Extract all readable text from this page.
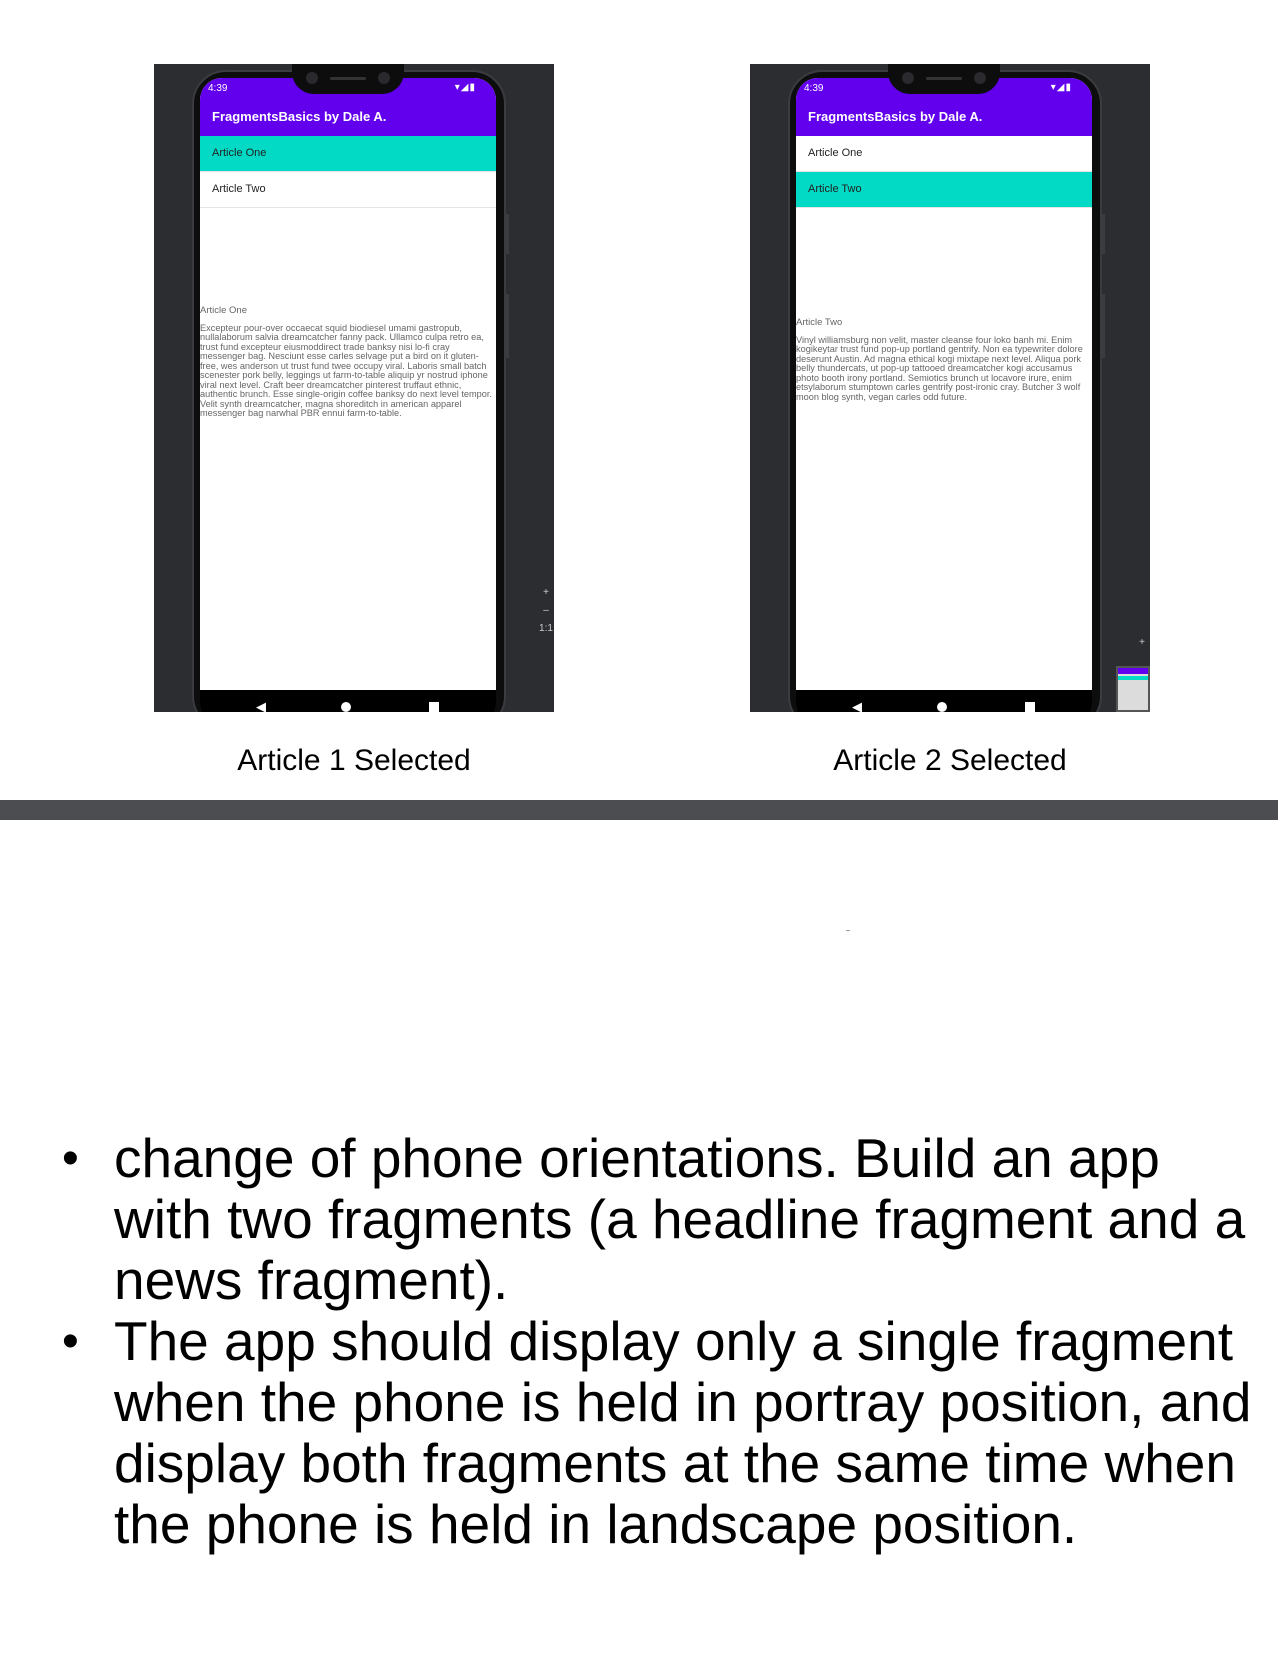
4:39	▾◢▮
FragmentsBasics by Dale A.
Article One
Article Two
Article One
Excepteur pour-over occaecat squid biodiesel umami gastropub, nullalaborum salvia dreamcatcher fanny pack. Ullamco culpa retro ea, trust fund excepteur eiusmoddirect trade banksy nisi lo-fi cray messenger bag. Nesciunt esse carles selvage put a bird on it gluten-free, wes anderson ut trust fund twee occupy viral. Laboris small batch scenester pork belly, leggings ut farm-to-table aliquip yr nostrud iphone viral next level. Craft beer dreamcatcher pinterest truffaut ethnic, authentic brunch. Esse single-origin coffee banksy do next level tempor. Velit synth dreamcatcher, magna shoreditch in american apparel messenger bag narwhal PBR ennui farm-to-table.
◀
+
–
1:1
4:39	▾◢▮
FragmentsBasics by Dale A.
Article One
Article Two
Article Two
Vinyl williamsburg non velit, master cleanse four loko banh mi. Enim kogikeytar trust fund pop-up portland gentrify. Non ea typewriter dolore deserunt Austin. Ad magna ethical kogi mixtape next level. Aliqua pork belly thundercats, ut pop-up tattooed dreamcatcher kogi accusamus photo booth irony portland. Semiotics brunch ut locavore irure, enim etsylaborum stumptown carles gentrify post-ironic cray. Butcher 3 wolf moon blog synth, vegan carles odd future.
◀
+
Article 1 Selected	Article 2 Selected
• change of phone orientations. Build an app with two fragments (a headline fragment and a news fragment).
• The app should display only a single fragment when the phone is held in portray position, and display both fragments at the same time when the phone is held in landscape position.
